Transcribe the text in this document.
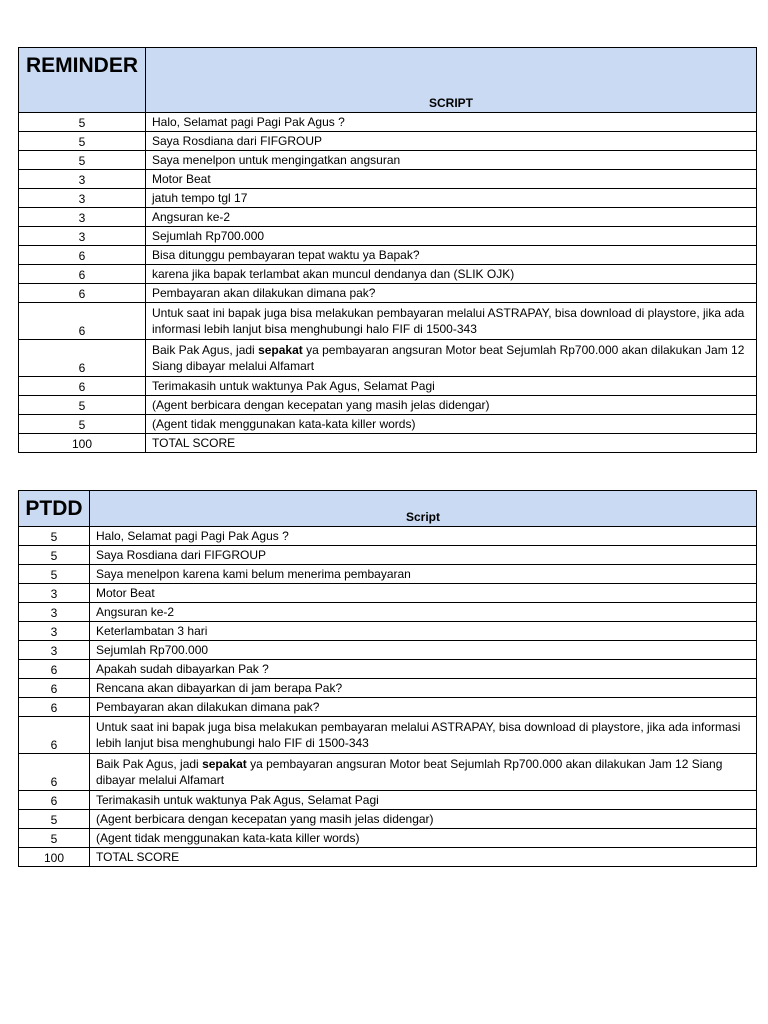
REMINDER	SCRIPT
5	Halo, Selamat pagi Pagi Pak Agus ?
5	Saya Rosdiana dari FIFGROUP
5	Saya menelpon untuk mengingatkan angsuran
3	Motor Beat
3	jatuh tempo tgl 17
3	Angsuran ke-2
3	Sejumlah Rp700.000
6	Bisa ditunggu pembayaran tepat waktu ya Bapak?
6	karena jika bapak terlambat akan muncul dendanya dan (SLIK OJK)
6	Pembayaran akan dilakukan dimana pak?
6	Untuk saat ini bapak juga bisa melakukan pembayaran melalui ASTRAPAY, bisa download di playstore, jika ada informasi lebih lanjut bisa menghubungi halo FIF di 1500-343
6	Baik Pak Agus, jadi sepakat ya pembayaran angsuran Motor beat Sejumlah Rp700.000 akan dilakukan Jam 12 Siang dibayar melalui Alfamart
6	Terimakasih untuk waktunya Pak Agus, Selamat Pagi
5	(Agent berbicara dengan kecepatan yang masih jelas didengar)
5	(Agent tidak menggunakan kata-kata killer words)
100	TOTAL SCORE
PTDD	Script
5	Halo, Selamat pagi Pagi Pak Agus ?
5	Saya Rosdiana dari FIFGROUP
5	Saya menelpon karena kami belum menerima pembayaran
3	Motor Beat
3	Angsuran ke-2
3	Keterlambatan 3 hari
3	Sejumlah Rp700.000
6	Apakah sudah dibayarkan Pak ?
6	Rencana akan dibayarkan di jam berapa Pak?
6	Pembayaran akan dilakukan dimana pak?
6	Untuk saat ini bapak juga bisa melakukan pembayaran melalui ASTRAPAY, bisa download di playstore, jika ada informasi lebih lanjut bisa menghubungi halo FIF di 1500-343
6	Baik Pak Agus, jadi sepakat ya pembayaran angsuran Motor beat Sejumlah Rp700.000 akan dilakukan Jam 12 Siang dibayar melalui Alfamart
6	Terimakasih untuk waktunya Pak Agus, Selamat Pagi
5	(Agent berbicara dengan kecepatan yang masih jelas didengar)
5	(Agent tidak menggunakan kata-kata killer words)
100	TOTAL SCORE
